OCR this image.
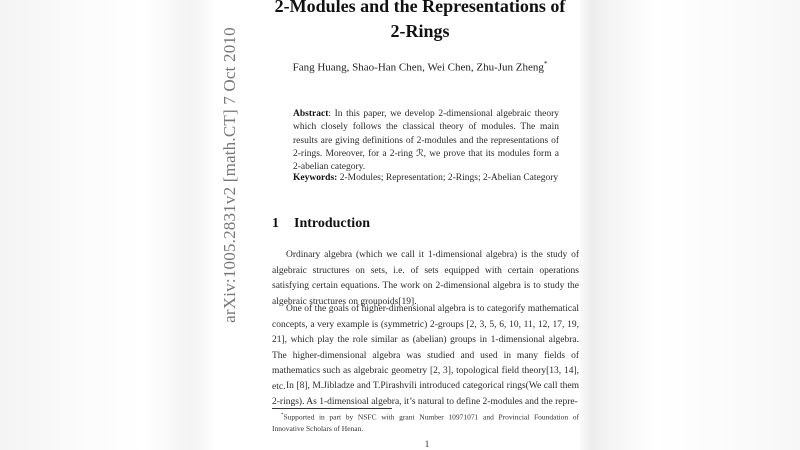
arXiv:1005.2831v2 [math.CT] 7 Oct 2010
2-Modules and the Representations of
2-Rings
Fang Huang, Shao-Han Chen, Wei Chen, Zhu-Jun Zheng*
Abstract: In this paper, we develop 2-dimensional algebraic theory which closely follows the classical theory of modules. The main results are giving definitions of 2-modules and the representations of 2-rings. Moreover, for a 2-ring ℛ, we prove that its modules form a 2-abelian category.
Keywords: 2-Modules; Representation; 2-Rings; 2-Abelian Category
1 Introduction
Ordinary algebra (which we call it 1-dimensional algebra) is the study of algebraic structures on sets, i.e. of sets equipped with certain operations satisfying certain equations. The work on 2-dimensional algebra is to study the algebraic structures on groupoids[19].
One of the goals of higher-dimensional algebra is to categorify mathematical concepts, a very example is (symmetric) 2-groups [2, 3, 5, 6, 10, 11, 12, 17, 19, 21], which play the role similar as (abelian) groups in 1-dimensional algebra. The higher-dimensional algebra was studied and used in many fields of mathematics such as algebraic geometry [2, 3], topological field theory[13, 14], etc. In [8], M.Jibladze and T.Pirashvili introduced categorical rings(We call them 2-rings). As 1-dimensioal algebra, it’s natural to define 2-modules and the repre-
*Supported in part by NSFC with grant Number 10971071 and Provincial Foundation of Innovative Scholars of Henan.
1
